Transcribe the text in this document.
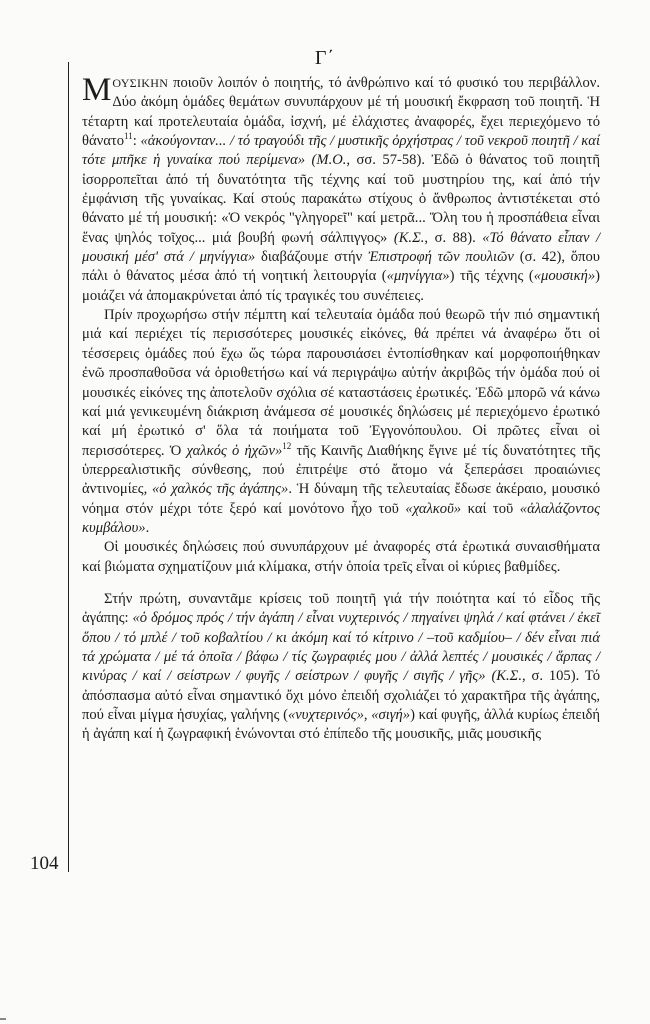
Γ΄
104

ΜΟΥΣΙΚΗΝ ποιοῦν λοιπόν ὁ ποιητής, τό ἀνθρώπινο καί τό φυσικό του περιβάλλον. Δύο ἀκόμη ὁμάδες θεμάτων συνυπάρχουν μέ τή μουσική ἔκφραση τοῦ ποιητῆ. Ἡ τέταρτη καί προτελευταία ὁμάδα, ἰσχνή, μέ ἐλάχιστες ἀναφορές, ἔχει περιεχόμενο τό θάνατο$^{11}$: «ἀκούγονταν... / τό τραγούδι τῆς / μυστικῆς ὀρχήστρας / τοῦ νεκροῦ ποιητῆ / καί τότε μπῆκε ἡ γυναίκα πού περίμενα» (Μ.Ο., σσ. 57-58). Ἐδῶ ὁ θάνατος τοῦ ποιητῆ ἰσορροπεῖται ἀπό τή δυνατότητα τῆς τέχνης καί τοῦ μυστηρίου της, καί ἀπό τήν ἐμφάνιση τῆς γυναίκας. Καί στούς παρακάτω στίχους ὁ ἄνθρωπος ἀντιστέκεται στό θάνατο μέ τή μουσική: «Ὁ νεκρός "γληγορεῖ" καί μετρᾶ... Ὅλη του ἡ προσπάθεια εἶναι ἕνας ψηλός τοῖχος... μιά βουβή φωνή σάλπιγγος» (Κ.Σ., σ. 88). «Τό θάνατο εἶπαν / μουσική μέσ' στά / μηνίγγια» διαβάζουμε στήν Ἐπιστροφή τῶν πουλιῶν (σ. 42), ὅπου πάλι ὁ θάνατος μέσα ἀπό τή νοητική λειτουργία («μηνίγγια») τῆς τέχνης («μουσική») μοιάζει νά ἀπομακρύνεται ἀπό τίς τραγικές του συνέπειες.

Πρίν προχωρήσω στήν πέμπτη καί τελευταία ὁμάδα πού θεωρῶ τήν πιό σημαντική μιά καί περιέχει τίς περισσότερες μουσικές εἰκόνες, θά πρέπει νά ἀναφέρω ὅτι οἱ τέσσερεις ὁμάδες πού ἔχω ὥς τώρα παρουσιάσει ἐντοπίσθηκαν καί μορφοποιήθηκαν ἐνῶ προσπαθοῦσα νά ὁριοθετήσω καί νά περιγράψω αὐτήν ἀκριβῶς τήν ὁμάδα πού οἱ μουσικές εἰκόνες της ἀποτελοῦν σχόλια σέ καταστάσεις ἐρωτικές. Ἐδῶ μπορῶ νά κάνω καί μιά γενικευμένη διάκριση ἀνάμεσα σέ μουσικές δηλώσεις μέ περιεχόμενο ἐρωτικό καί μή ἐρωτικό σ' ὅλα τά ποιήματα τοῦ Ἐγγονόπουλου. Οἱ πρῶτες εἶναι οἱ περισσότερες. Ὁ χαλκός ὁ ἠχῶν»$^{12}$ τῆς Καινῆς Διαθήκης ἔγινε μέ τίς δυνατότητες τῆς ὑπερρεαλιστικῆς σύνθεσης, πού ἐπιτρέψε στό ἄτομο νά ξεπεράσει προαιώνιες ἀντινομίες, «ὁ χαλκός τῆς ἀγάπης». Ἡ δύναμη τῆς τελευταίας ἔδωσε ἀκέραιο, μουσικό νόημα στόν μέχρι τότε ξερό καί μονότονο ἦχο τοῦ «χαλκοῦ» καί τοῦ «ἀλαλάζοντος κυμβάλου».

Οἱ μουσικές δηλώσεις πού συνυπάρχουν μέ ἀναφορές στά ἐρωτικά συναισθήματα καί βιώματα σχηματίζουν μιά κλίμακα, στήν ὁποία τρεῖς εἶναι οἱ κύριες βαθμίδες.

Στήν πρώτη, συναντᾶμε κρίσεις τοῦ ποιητῆ γιά τήν ποιότητα καί τό εἶδος τῆς ἀγάπης: «ὁ δρόμος πρός / τήν ἀγάπη / εἶναι νυχτερινός / πηγαίνει ψηλά / καί φτάνει / ἐκεῖ ὅπου / τό μπλέ / τοῦ κοβαλτίου / κι ἀκόμη καί τό κίτρινο / –τοῦ καδμίου– / δέν εἶναι πιά τά χρώματα / μέ τά ὁποῖα / βάφω / τίς ζωγραφιές μου / ἀλλά λεπτές / μουσικές / ἅρπας / κινύρας / καί / σείστρων / φυγῆς / σείστρων / φυγῆς / σιγῆς / γῆς» (Κ.Σ., σ. 105). Τό ἀπόσπασμα αὐτό εἶναι σημαντικό ὄχι μόνο ἐπειδή σχολιάζει τό χαρακτῆρα τῆς ἀγάπης, πού εἶναι μίγμα ἡσυχίας, γαλήνης («νυχτερινός», «σιγή») καί φυγῆς, ἀλλά κυρίως ἐπειδή ἡ ἀγάπη καί ἡ ζωγραφική ἑνώνονται στό ἐπίπεδο τῆς μουσικῆς, μιᾶς μουσικῆς
